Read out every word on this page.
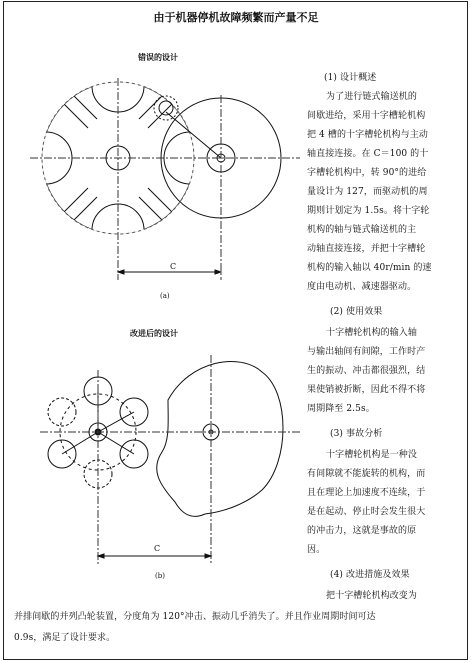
由于机器停机故障频繁而产量不足
错误的设计
C
(a)
改进后的设计
C
(b)
(1) 设计概述
为了进行链式输送机的
间歇进给，采用十字槽轮机构
把 4 槽的十字槽轮机构与主动
轴直接连接。在 C＝100 的十
字槽轮机构中，转 90°的进给
量设计为 127，而驱动机的周
期则计划定为 1.5s。将十字轮
机构的轴与链式输送机的主
动轴直接连接，并把十字槽轮
机构的输入轴以 40r/min 的速
度由电动机、减速器驱动。
(2) 使用效果
十字槽轮机构的输入轴
与输出轴间有间隙，工作时产
生的振动、冲击都很强烈，结
果使销被折断，因此不得不将
周期降至 2.5s。
(3) 事故分析
十字槽轮机构是一种没
有间隙就不能旋转的机构，而
且在理论上加速度不连续，于
是在起动、停止时会发生很大
的冲击力，这就是事故的原
因。
(4) 改进措施及效果
把十字槽轮机构改变为
并排间歇的并列凸轮装置，分度角为 120°冲击、振动几乎消失了。并且作业周期时间可达
0.9s，满足了设计要求。
